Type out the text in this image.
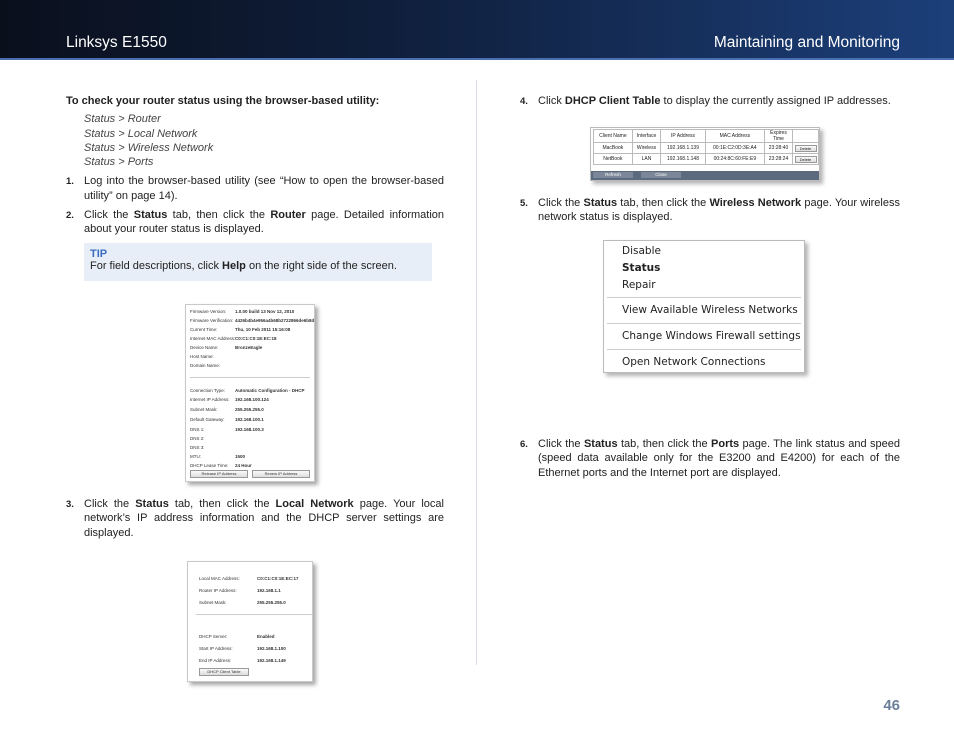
Linksys E1550	Maintaining and Monitoring
To check your router status using the browser-based utility:
Status > Router
Status > Local Network
Status > Wireless Network
Status > Ports
1. Log into the browser-based utility (see “How to open the browser-based utility” on page 14).
2. Click the Status tab, then click the Router page. Detailed information about your router status is displayed.
TIP
For field descriptions, click Help on the right side of the screen.
Firmware Version: 1.0.00 build 13 Nov 12, 2010
Firmware Verification: 4426b4b4e956a4b68b2722866de6b8d
Current Time:	Thu, 10 Feb 2011 15:16:08
Internet MAC Address: C0:C1:C0:1E:EC:18
Device Name:	BronzeEagle
Host Name:
Domain Name:
Connection Type: Automatic Configuration - DHCP
Internet IP Address: 192.168.100.124
Subnet Mask:	255.255.255.0
Default Gateway: 192.168.100.1
DNS 1:	192.168.100.3
DNS 2:
DNS 3:
MTU:	1500
DHCP Lease Time: 24 Hour
Release IP Address	Renew IP Address
3. Click the Status tab, then click the Local Network page. Your local network’s IP address information and the DHCP server settings are displayed.
Local MAC Address:	C0:C1:C0:1E:EC:17
Router IP Address:	192.168.1.1
Subnet Mask:	255.255.255.0
DHCP Server:	Enabled
Start IP Address:	192.168.1.100
End IP Address:	192.168.1.149
DHCP Client Table
4. Click DHCP Client Table to display the currently assigned IP addresses.
Client Name	Interface	IP Address	MAC Address	Expires Time	
MacBook	Wireless	192.168.1.139	00:1E:C2:0D:3E:A4	23:28:40	Delete
NetBook	LAN	192.168.1.148	00:24:8C:60:FE:E9	23:28:24	Delete
Refresh	Close
5. Click the Status tab, then click the Wireless Network page. Your wireless network status is displayed.
Disable
Status
Repair
View Available Wireless Networks
Change Windows Firewall settings
Open Network Connections
6. Click the Status tab, then click the Ports page. The link status and speed (speed data available only for the E3200 and E4200) for each of the Ethernet ports and the Internet port are displayed.
46
